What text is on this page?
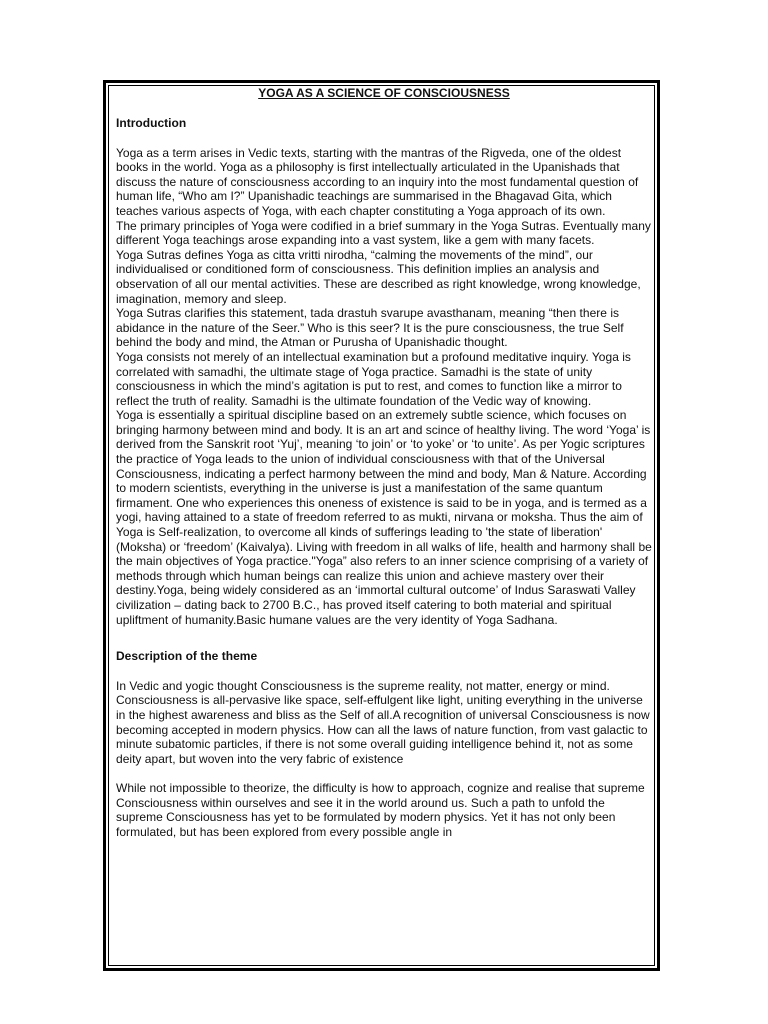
YOGA AS A SCIENCE OF CONSCIOUSNESS
Introduction

Yoga as a term arises in Vedic texts, starting with the mantras of the Rigveda, one of the oldest books in the world. Yoga as a philosophy is first intellectually articulated in the Upanishads that discuss the nature of consciousness according to an inquiry into the most fundamental question of human life, “Who am I?” Upanishadic teachings are summarised in the Bhagavad Gita, which teaches various aspects of Yoga, with each chapter constituting a Yoga approach of its own.

The primary principles of Yoga were codified in a brief summary in the Yoga Sutras. Eventually many different Yoga teachings arose expanding into a vast system, like a gem with many facets.

Yoga Sutras defines Yoga as citta vritti nirodha, “calming the movements of the mind”, our individualised or conditioned form of consciousness. This definition implies an analysis and observation of all our mental activities. These are described as right knowledge, wrong knowledge, imagination, memory and sleep.

Yoga Sutras clarifies this statement, tada drastuh svarupe avasthanam, meaning “then there is abidance in the nature of the Seer.” Who is this seer? It is the pure consciousness, the true Self behind the body and mind, the Atman or Purusha of Upanishadic thought.

Yoga consists not merely of an intellectual examination but a profound meditative inquiry. Yoga is correlated with samadhi, the ultimate stage of Yoga practice. Samadhi is the state of unity consciousness in which the mind’s agitation is put to rest, and comes to function like a mirror to reflect the truth of reality. Samadhi is the ultimate foundation of the Vedic way of knowing.

Yoga is essentially a spiritual discipline based on an extremely subtle science, which focuses on bringing harmony between mind and body. It is an art and scince of healthy living. The word ‘Yoga’ is derived from the Sanskrit root ‘Yuj’, meaning ‘to join’ or ‘to yoke’ or ‘to unite’. As per Yogic scriptures the practice of Yoga leads to the union of individual consciousness with that of the Universal Consciousness, indicating a perfect harmony between the mind and body, Man & Nature. According to modern scientists, everything in the universe is just a manifestation of the same quantum firmament. One who experiences this oneness of existence is said to be in yoga, and is termed as a yogi, having attained to a state of freedom referred to as mukti, nirvana or moksha. Thus the aim of Yoga is Self-realization, to overcome all kinds of sufferings leading to 'the state of liberation' (Moksha) or ‘freedom’ (Kaivalya). Living with freedom in all walks of life, health and harmony shall be the main objectives of Yoga practice."Yoga” also refers to an inner science comprising of a variety of methods through which human beings can realize this union and achieve mastery over their destiny.Yoga, being widely considered as an ‘immortal cultural outcome’ of Indus Saraswati Valley civilization – dating back to 2700 B.C., has proved itself catering to both material and spiritual upliftment of humanity.Basic humane values are the very identity of Yoga Sadhana.

Description of the theme

In Vedic and yogic thought Consciousness is the supreme reality, not matter, energy or mind. Consciousness is all-pervasive like space, self-effulgent like light, uniting everything in the universe in the highest awareness and bliss as the Self of all.A recognition of universal Consciousness is now becoming accepted in modern physics. How can all the laws of nature function, from vast galactic to minute subatomic particles, if there is not some overall guiding intelligence behind it, not as some deity apart, but woven into the very fabric of existence

While not impossible to theorize, the difficulty is how to approach, cognize and realise that supreme Consciousness within ourselves and see it in the world around us. Such a path to unfold the supreme Consciousness has yet to be formulated by modern physics. Yet it has not only been formulated, but has been explored from every possible angle in
